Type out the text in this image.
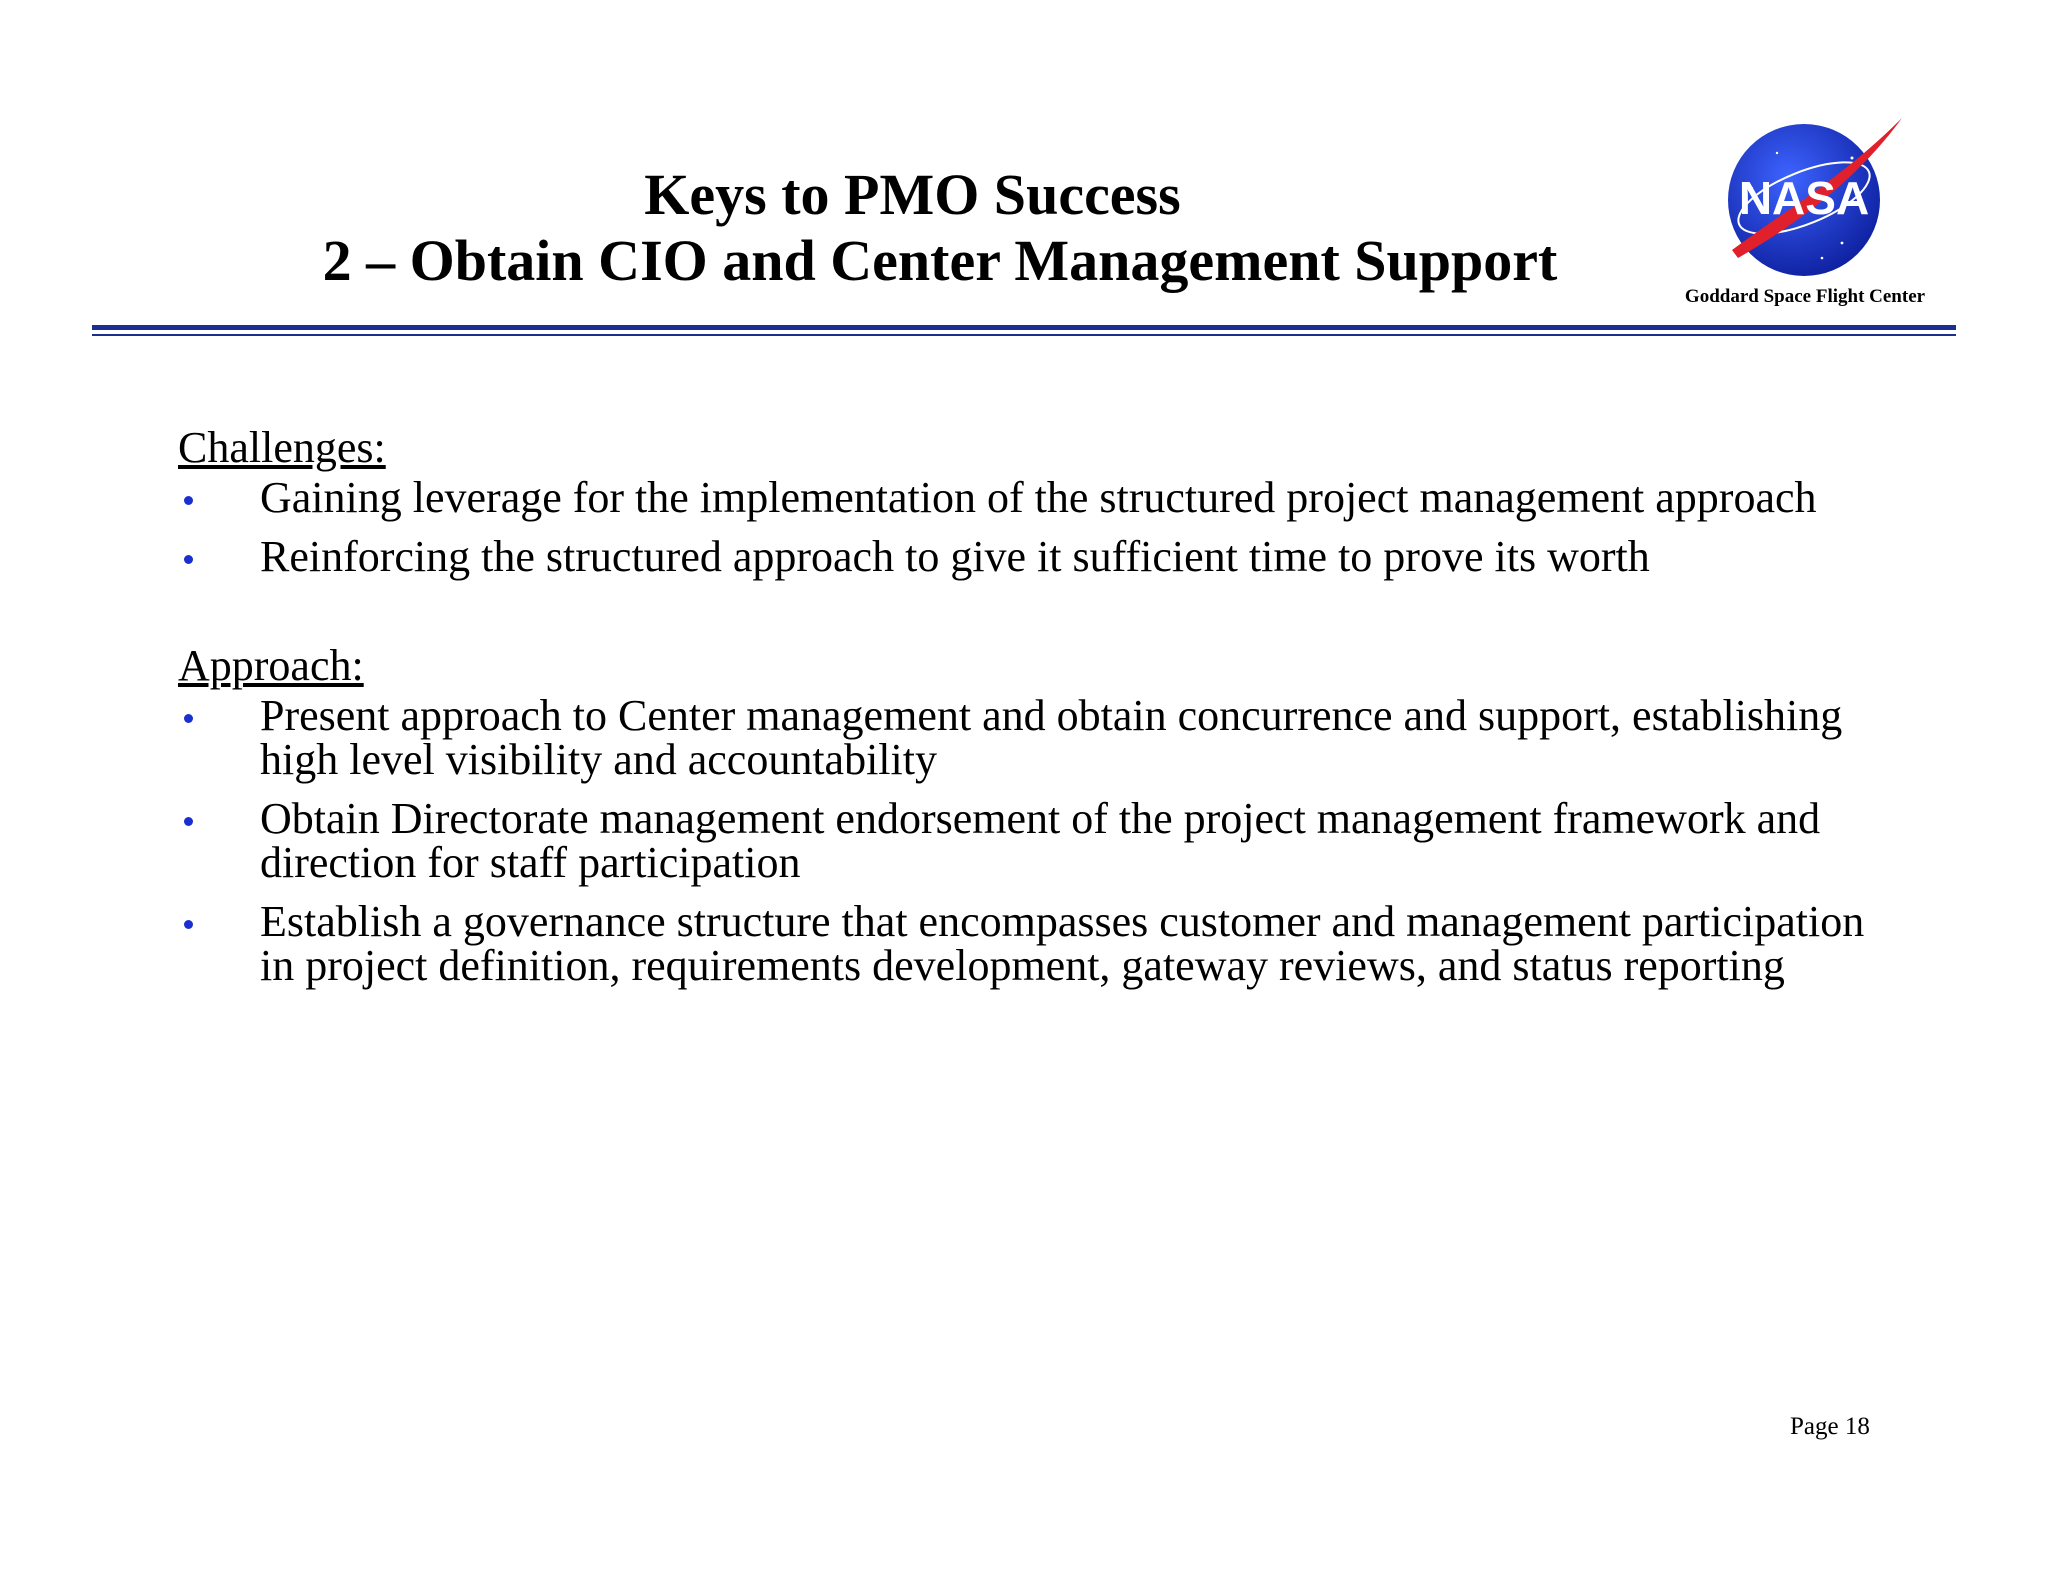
Keys to PMO Success
2 – Obtain CIO and Center Management Support
NASA
Goddard Space Flight Center

Challenges:

Gaining leverage for the implementation of the structured project management approach
Reinforcing the structured approach to give it sufficient time to prove its worth

Approach:

Present approach to Center management and obtain concurrence and support, establishing high level visibility and accountability
Obtain Directorate management endorsement of the project management framework and direction for staff participation
Establish a governance structure that encompasses customer and management participation in project definition, requirements development, gateway reviews, and status reporting
Page 18
